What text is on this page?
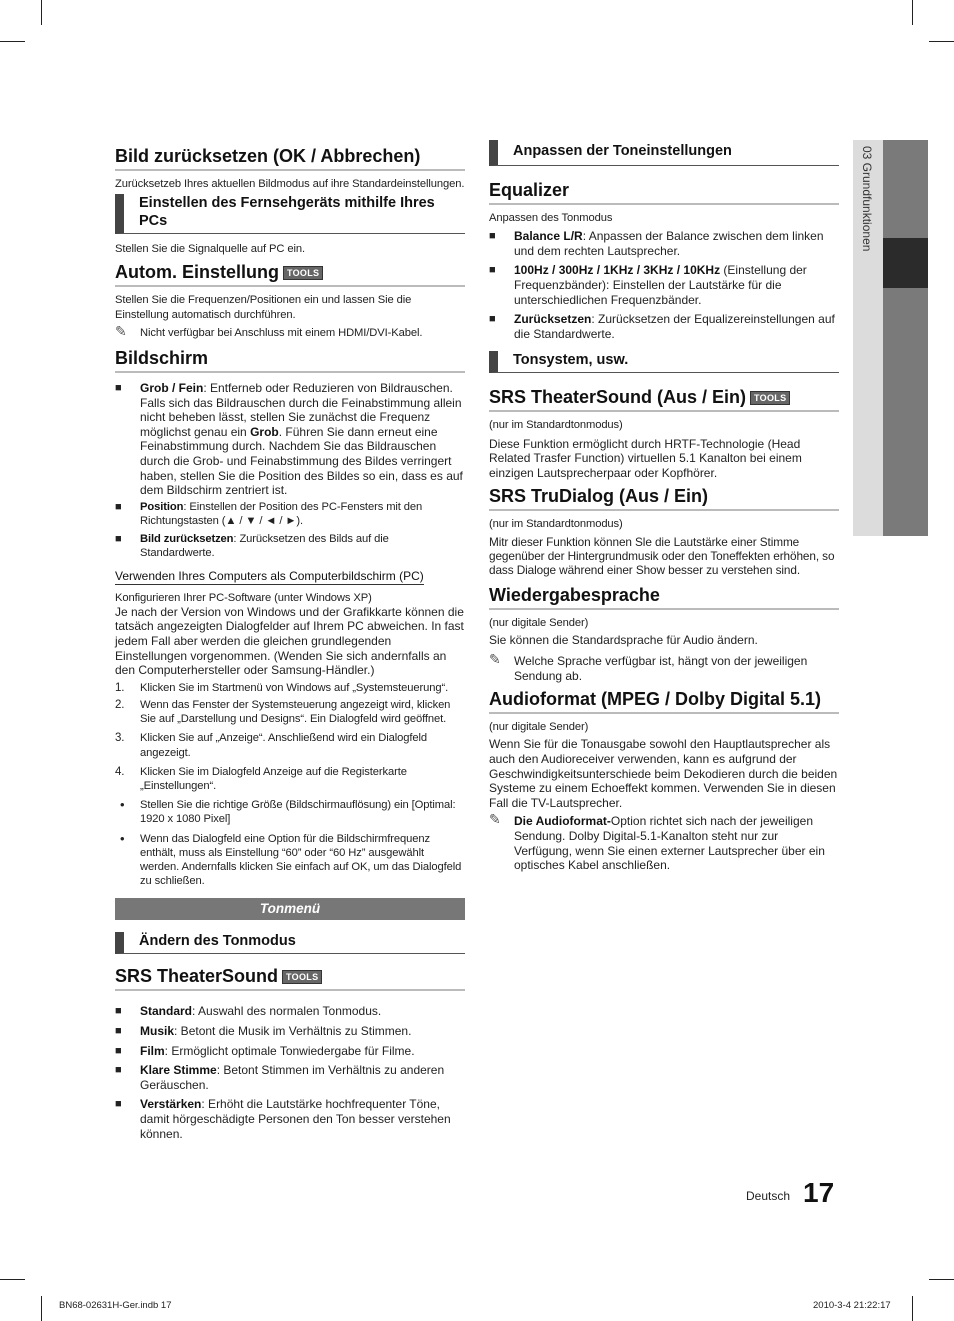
Bild zurücksetzen (OK / Abbrechen)

Zurücksetzeb Ihres aktuellen Bildmodus auf ihre Standardeinstellungen.

Einstellen des Fernsehgeräts mithilfe Ihres PCs

Stellen Sie die Signalquelle auf PC ein.

Autom. Einstellung TOOLS

Stellen Sie die Frequenzen/Positionen ein und lassen Sie die Einstellung automatisch durchführen.

✎ Nicht verfügbar bei Anschluss mit einem HDMI/DVI-Kabel.
Bildschirm
■ Grob / Fein: Entferneb oder Reduzieren von Bildrauschen. Falls sich das Bildrauschen durch die Feinabstimmung allein nicht beheben lässt, stellen Sie zunächst die Frequenz möglichst genau ein Grob. Führen Sie dann erneut eine Feinabstimmung durch. Nachdem Sie das Bildrauschen durch die Grob- und Feinabstimmung des Bildes verringert haben, stellen Sie die Position des Bildes so ein, dass es auf dem Bildschirm zentriert ist.
■ Position: Einstellen der Position des PC-Fensters mit den Richtungstasten (▲ / ▼ / ◄ / ►).
■ Bild zurücksetzen: Zurücksetzen des Bilds auf die Standardwerte.

Verwenden Ihres Computers als Computerbildschirm (PC)

Konfigurieren Ihrer PC-Software (unter Windows XP)

Je nach der Version von Windows und der Grafikkarte können die tatsäch angezeigten Dialogfelder auf Ihrem PC abweichen. In fast jedem Fall aber werden die gleichen grundlegenden Einstellungen vorgenommen. (Wenden Sie sich andernfalls an den Computerhersteller oder Samsung-Händler.)

1. Klicken Sie im Startmenü von Windows auf „Systemsteuerung“.
2. Wenn das Fenster der Systemsteuerung angezeigt wird, klicken Sie auf „Darstellung und Designs“. Ein Dialogfeld wird geöffnet.
3. Klicken Sie auf „Anzeige“. Anschließend wird ein Dialogfeld angezeigt.
4. Klicken Sie im Dialogfeld Anzeige auf die Registerkarte „Einstellungen“.
• Stellen Sie die richtige Größe (Bildschirmauflösung) ein [Optimal: 1920 x 1080 Pixel]
• Wenn das Dialogfeld eine Option für die Bildschirmfrequenz enthält, muss als Einstellung “60” oder “60 Hz” ausgewählt werden. Andernfalls klicken Sie einfach auf OK, um das Dialogfeld zu schließen.
Tonmenü
Ändern des Tonmodus
SRS TheaterSound TOOLS
■ Standard: Auswahl des normalen Tonmodus.
■ Musik: Betont die Musik im Verhältnis zu Stimmen.
■ Film: Ermöglicht optimale Tonwiedergabe für Filme.
■ Klare Stimme: Betont Stimmen im Verhältnis zu anderen Geräuschen.
■ Verstärken: Erhöht die Lautstärke hochfrequenter Töne, damit hörgeschädigte Personen den Ton besser verstehen können.
Anpassen der Toneinstellungen
Equalizer

Anpassen des Tonmodus

■ Balance L/R: Anpassen der Balance zwischen dem linken und dem rechten Lautsprecher.
■ 100Hz / 300Hz / 1KHz / 3KHz / 10KHz (Einstellung der Frequenzbänder): Einstellen der Lautstärke für die unterschiedlichen Frequenzbänder.
■ Zurücksetzen: Zurücksetzen der Equalizereinstellungen auf die Standardwerte.
Tonsystem, usw.
SRS TheaterSound (Aus / Ein) TOOLS

(nur im Standardtonmodus)

Diese Funktion ermöglicht durch HRTF-Technologie (Head Related Trasfer Function) virtuellen 5.1 Kanalton bei einem einzigen Lautsprecherpaar oder Kopfhörer.

SRS TruDialog (Aus / Ein)

(nur im Standardtonmodus)

Mitr dieser Funktion können Sle die Lautstärke einer Stimme gegenüber der Hintergrundmusik oder den Toneffekten erhöhen, so dass Dialoge während einer Show besser zu verstehen sind.

Wiedergabesprache

(nur digitale Sender)

Sie können die Standardsprache für Audio ändern.

✎ Welche Sprache verfügbar ist, hängt von der jeweiligen Sendung ab.
Audioformat (MPEG / Dolby Digital 5.1)

(nur digitale Sender)

Wenn Sie für die Tonausgabe sowohl den Hauptlautsprecher als auch den Audioreceiver verwenden, kann es aufgrund der Geschwindigkeitsunterschiede beim Dekodieren durch die beiden Systeme zu einem Echoeffekt kommen. Verwenden Sie in diesen Fall die TV-Lautsprecher.

✎ Die Audioformat-Option richtet sich nach der jeweiligen Sendung. Dolby Digital-5.1-Kanalton steht nur zur Verfügung, wenn Sie einen externer Lautsprecher über ein optisches Kabel anschließen.
03 Grundfunktionen
Deutsch 17
BN68-02631H-Ger.indb 17	2010-3-4 21:22:17
